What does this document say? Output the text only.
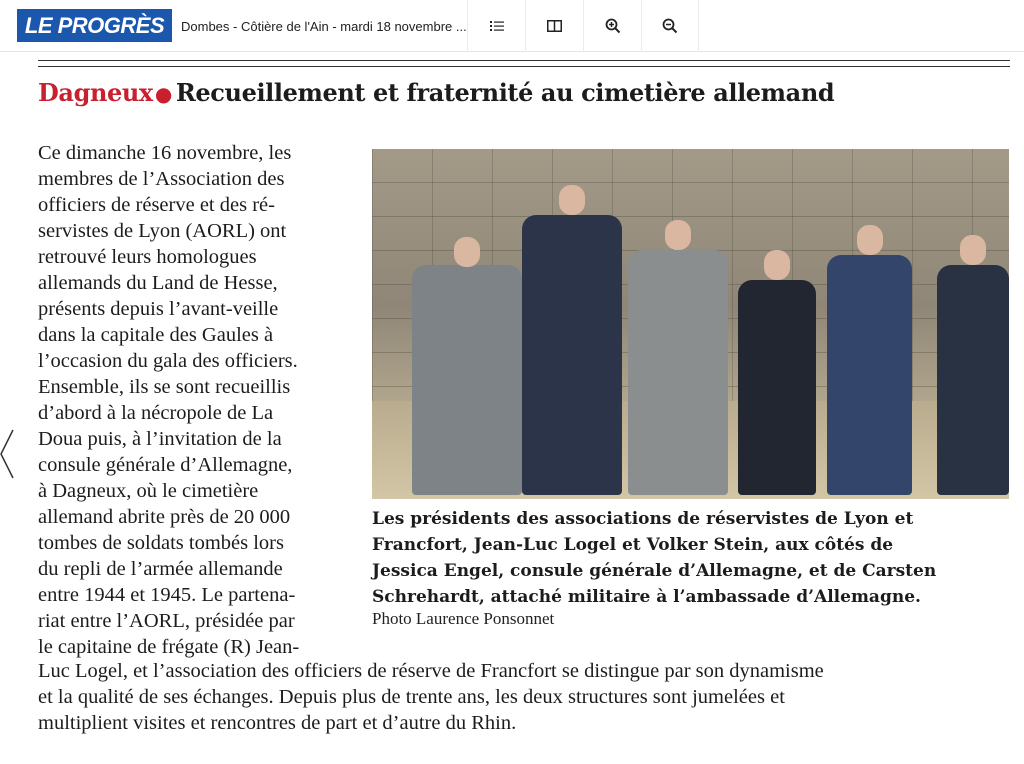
LE PROGRÈS	Dombes - Côtière de l'Ain - mardi 18 novembre ...
Dagneux ● Recueillement et fraternité au cimetière allemand
Ce dimanche 16 novembre, les
membres de l’Association des
officiers de réserve et des ré-
servistes de Lyon (AORL) ont
retrouvé leurs homologues
allemands du Land de Hesse,
présents depuis l’avant-veille
dans la capitale des Gaules à
l’occasion du gala des officiers.
Ensemble, ils se sont recueillis
d’abord à la nécropole de La
Doua puis, à l’invitation de la
consule générale d’Allemagne,
à Dagneux, où le cimetière
allemand abrite près de 20 000
tombes de soldats tombés lors
du repli de l’armée allemande
entre 1944 et 1945. Le partena-
riat entre l’AORL, présidée par
le capitaine de frégate (R) Jean-
Les présidents des associations de réservistes de Lyon et
Francfort, Jean-Luc Logel et Volker Stein, aux côtés de
Jessica Engel, consule générale d’Allemagne, et de Carsten
Schrehardt, attaché militaire à l’ambassade d’Allemagne.
Photo Laurence Ponsonnet
Luc Logel, et l’association des officiers de réserve de Francfort se distingue par son dynamisme
et la qualité de ses échanges. Depuis plus de trente ans, les deux structures sont jumelées et
multiplient visites et rencontres de part et d’autre du Rhin.
